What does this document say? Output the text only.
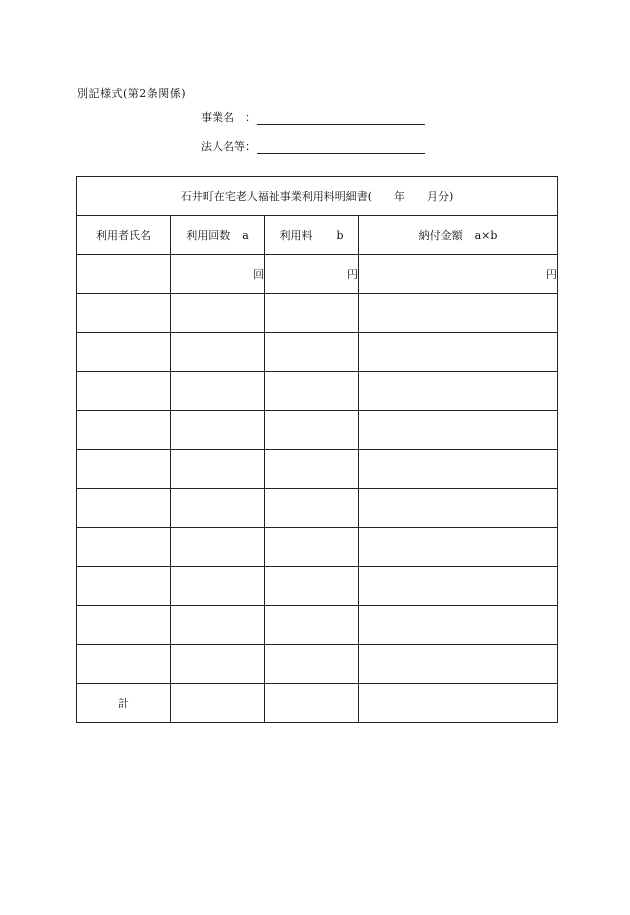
別記様式(第2条関係)
事業名　：
法人名等：
石井町在宅老人福祉事業利用料明細書(　　年　　月分)			
利用者氏名	利用回数 a	利用料 b	納付金額 a×b
	回	円	円

計			
